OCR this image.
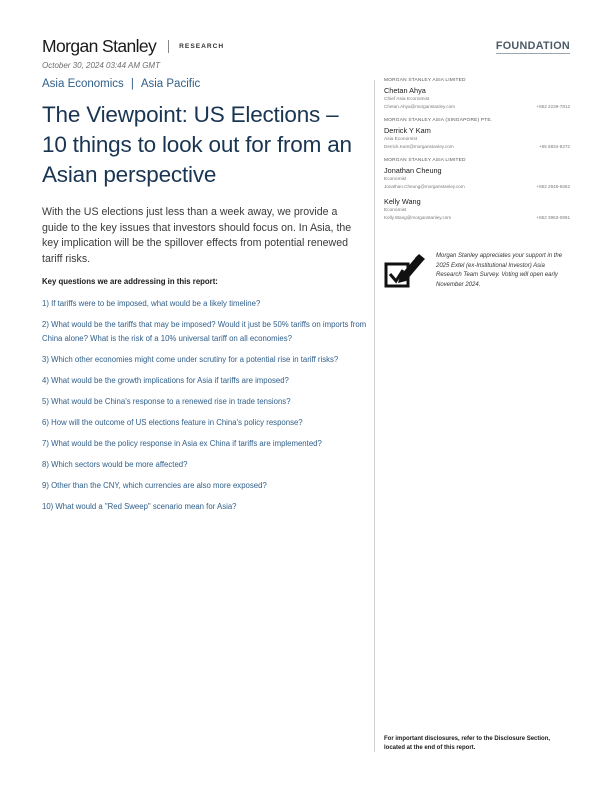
Morgan Stanley	RESEARCH	FOUNDATION
October 30, 2024 03:44 AM GMT
Asia Economics | Asia Pacific
The Viewpoint: US Elections – 10 things to look out for from an Asian perspective

With the US elections just less than a week away, we provide a guide to the key issues that investors should focus on. In Asia, the key implication will be the spillover effects from potential renewed tariff risks.

Key questions we are addressing in this report:
1) If tariffs were to be imposed, what would be a likely timeline?
2) What would be the tariffs that may be imposed? Would it just be 50% tariffs on imports from China alone? What is the risk of a 10% universal tariff on all economies?
3) Which other economies might come under scrutiny for a potential rise in tariff risks?
4) What would be the growth implications for Asia if tariffs are imposed?
5) What would be China's response to a renewed rise in trade tensions?
6) How will the outcome of US elections feature in China's policy response?
7) What would be the policy response in Asia ex China if tariffs are implemented?
8) Which sectors would be more affected?
9) Other than the CNY, which currencies are also more exposed?
10) What would a "Red Sweep" scenario mean for Asia?
MORGAN STANLEY ASIA LIMITED
Chetan Ahya
Chief Asia Economist
Chetan.Ahya@morganstanley.com	+852 2239-7812
MORGAN STANLEY ASIA (SINGAPORE) PTE.
Derrick Y Kam
Asia Economist
Derrick.Kam@morganstanley.com	+65 6834-8272
MORGAN STANLEY ASIA LIMITED
Jonathan Cheung
Economist
Jonathan.Cheung@morganstanley.com	+852 2848-5652
Kelly Wang
Economist
Kelly.Wang@morganstanley.com	+852 3963-0891
Morgan Stanley appreciates your support in the 2025 Extel (ex-Institutional Investor) Asia Research Team Survey. Voting will open early November 2024.
For important disclosures, refer to the Disclosure Section, located at the end of this report.
